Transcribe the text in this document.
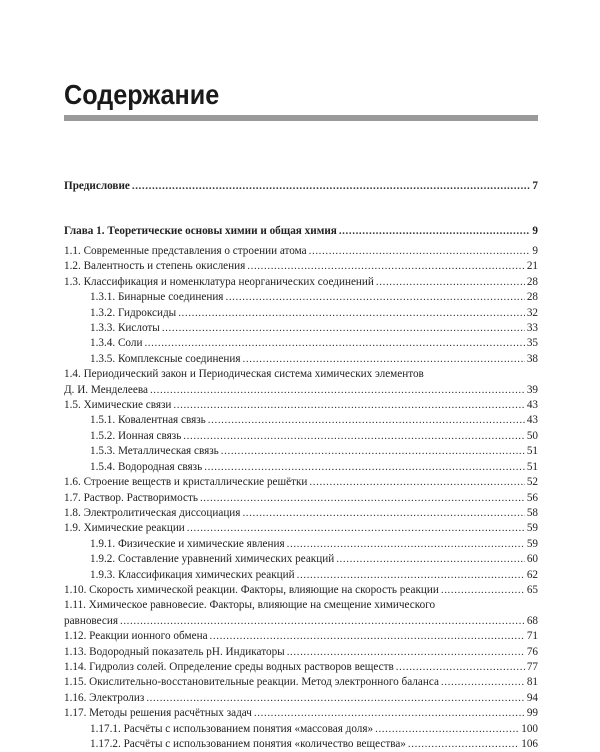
Содержание
Предисловие .....	7
Глава 1. Теоретические основы химии и общая химия .....	9
1.1. Современные представления о строении атома .....	9
1.2. Валентность и степень окисления .....	21
1.3. Классификация и номенклатура неорганических соединений .....	28
1.3.1. Бинарные соединения .....	28
1.3.2. Гидроксиды .....	32
1.3.3. Кислоты .....	33
1.3.4. Соли .....	35
1.3.5. Комплексные соединения .....	38
1.4. Периодический закон и Периодическая система химических элементов
Д. И. Менделеева .....	39
1.5. Химические связи .....	43
1.5.1. Ковалентная связь .....	43
1.5.2. Ионная связь .....	50
1.5.3. Металлическая связь .....	51
1.5.4. Водородная связь .....	51
1.6. Строение веществ и кристаллические решётки .....	52
1.7. Раствор. Растворимость .....	56
1.8. Электролитическая диссоциация .....	58
1.9. Химические реакции .....	59
1.9.1. Физические и химические явления .....	59
1.9.2. Составление уравнений химических реакций .....	60
1.9.3. Классификация химических реакций .....	62
1.10. Скорость химической реакции. Факторы, влияющие на скорость реакции .....	65
1.11. Химическое равновесие. Факторы, влияющие на смещение химического
равновесия .....	68
1.12. Реакции ионного обмена .....	71
1.13. Водородный показатель рН. Индикаторы .....	76
1.14. Гидролиз солей. Определение среды водных растворов веществ .....	77
1.15. Окислительно-восстановительные реакции. Метод электронного баланса .....	81
1.16. Электролиз .....	94
1.17. Методы решения расчётных задач .....	99
1.17.1. Расчёты с использованием понятия «массовая доля» .....	100
1.17.2. Расчёты с использованием понятия «количество вещества» .....	106
